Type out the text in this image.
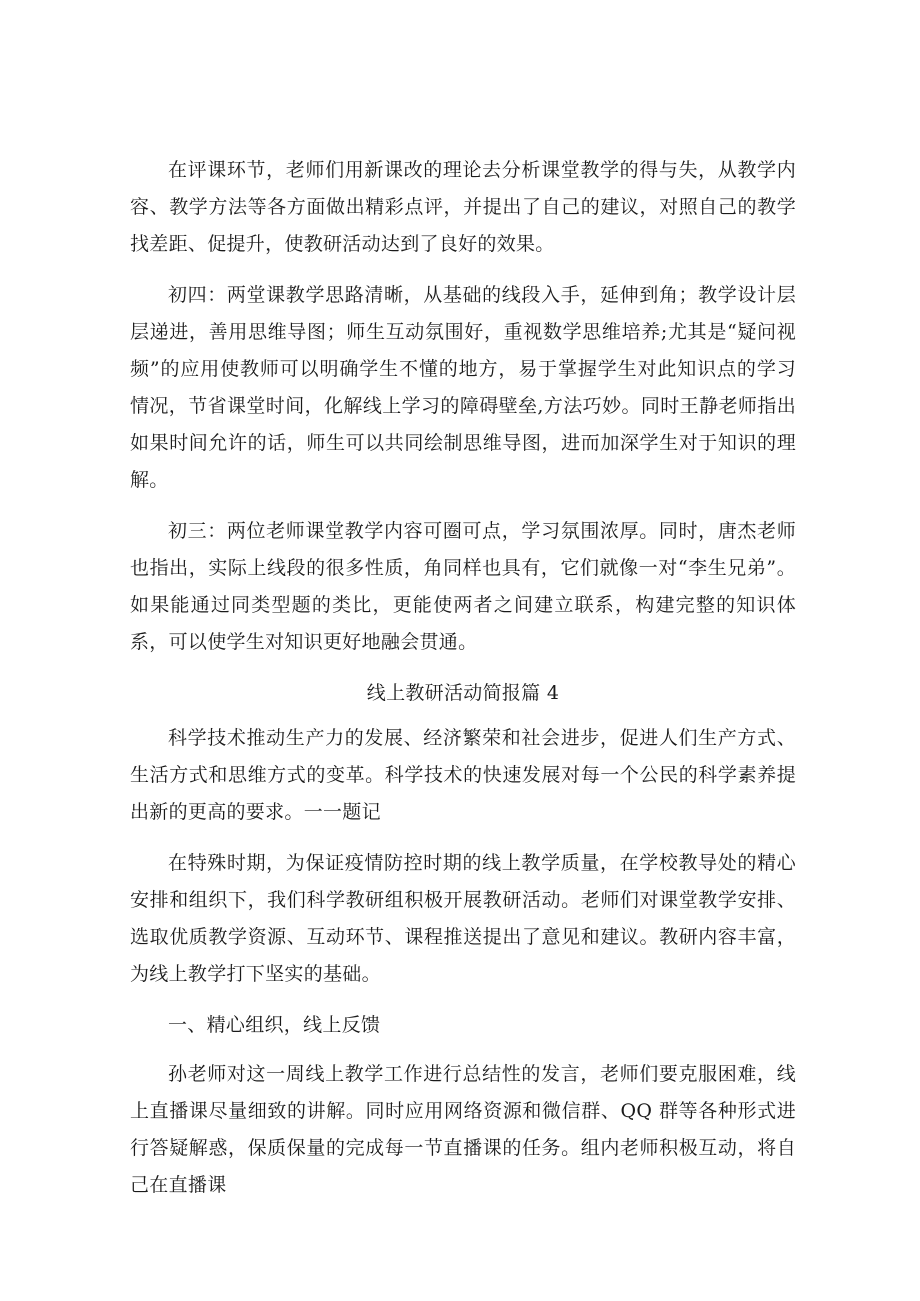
在评课环节，老师们用新课改的理论去分析课堂教学的得与失，从教学内容、教学方法等各方面做出精彩点评，并提出了自己的建议，对照自己的教学找差距、促提升，使教研活动达到了良好的效果。

初四：两堂课教学思路清晰，从基础的线段入手，延伸到角；教学设计层层递进，善用思维导图；师生互动氛围好，重视数学思维培养;尤其是“疑问视频”的应用使教师可以明确学生不懂的地方，易于掌握学生对此知识点的学习情况，节省课堂时间，化解线上学习的障碍壁垒,方法巧妙。同时王静老师指出如果时间允许的话，师生可以共同绘制思维导图，进而加深学生对于知识的理解。

初三：两位老师课堂教学内容可圈可点，学习氛围浓厚。同时，唐杰老师也指出，实际上线段的很多性质，角同样也具有，它们就像一对“李生兄弟”。如果能通过同类型题的类比，更能使两者之间建立联系，构建完整的知识体系，可以使学生对知识更好地融会贯通。

线上教研活动简报篇 4

科学技术推动生产力的发展、经济繁荣和社会进步，促进人们生产方式、生活方式和思维方式的变革。科学技术的快速发展对每一个公民的科学素养提出新的更高的要求。一一题记

在特殊时期，为保证疫情防控时期的线上教学质量，在学校教导处的精心安排和组织下，我们科学教研组积极开展教研活动。老师们对课堂教学安排、选取优质教学资源、互动环节、课程推送提出了意见和建议。教研内容丰富，为线上教学打下坚实的基础。

一、精心组织，线上反馈

孙老师对这一周线上教学工作进行总结性的发言，老师们要克服困难，线上直播课尽量细致的讲解。同时应用网络资源和微信群、QQ 群等各种形式进行答疑解惑，保质保量的完成每一节直播课的任务。组内老师积极互动，将自己在直播课
